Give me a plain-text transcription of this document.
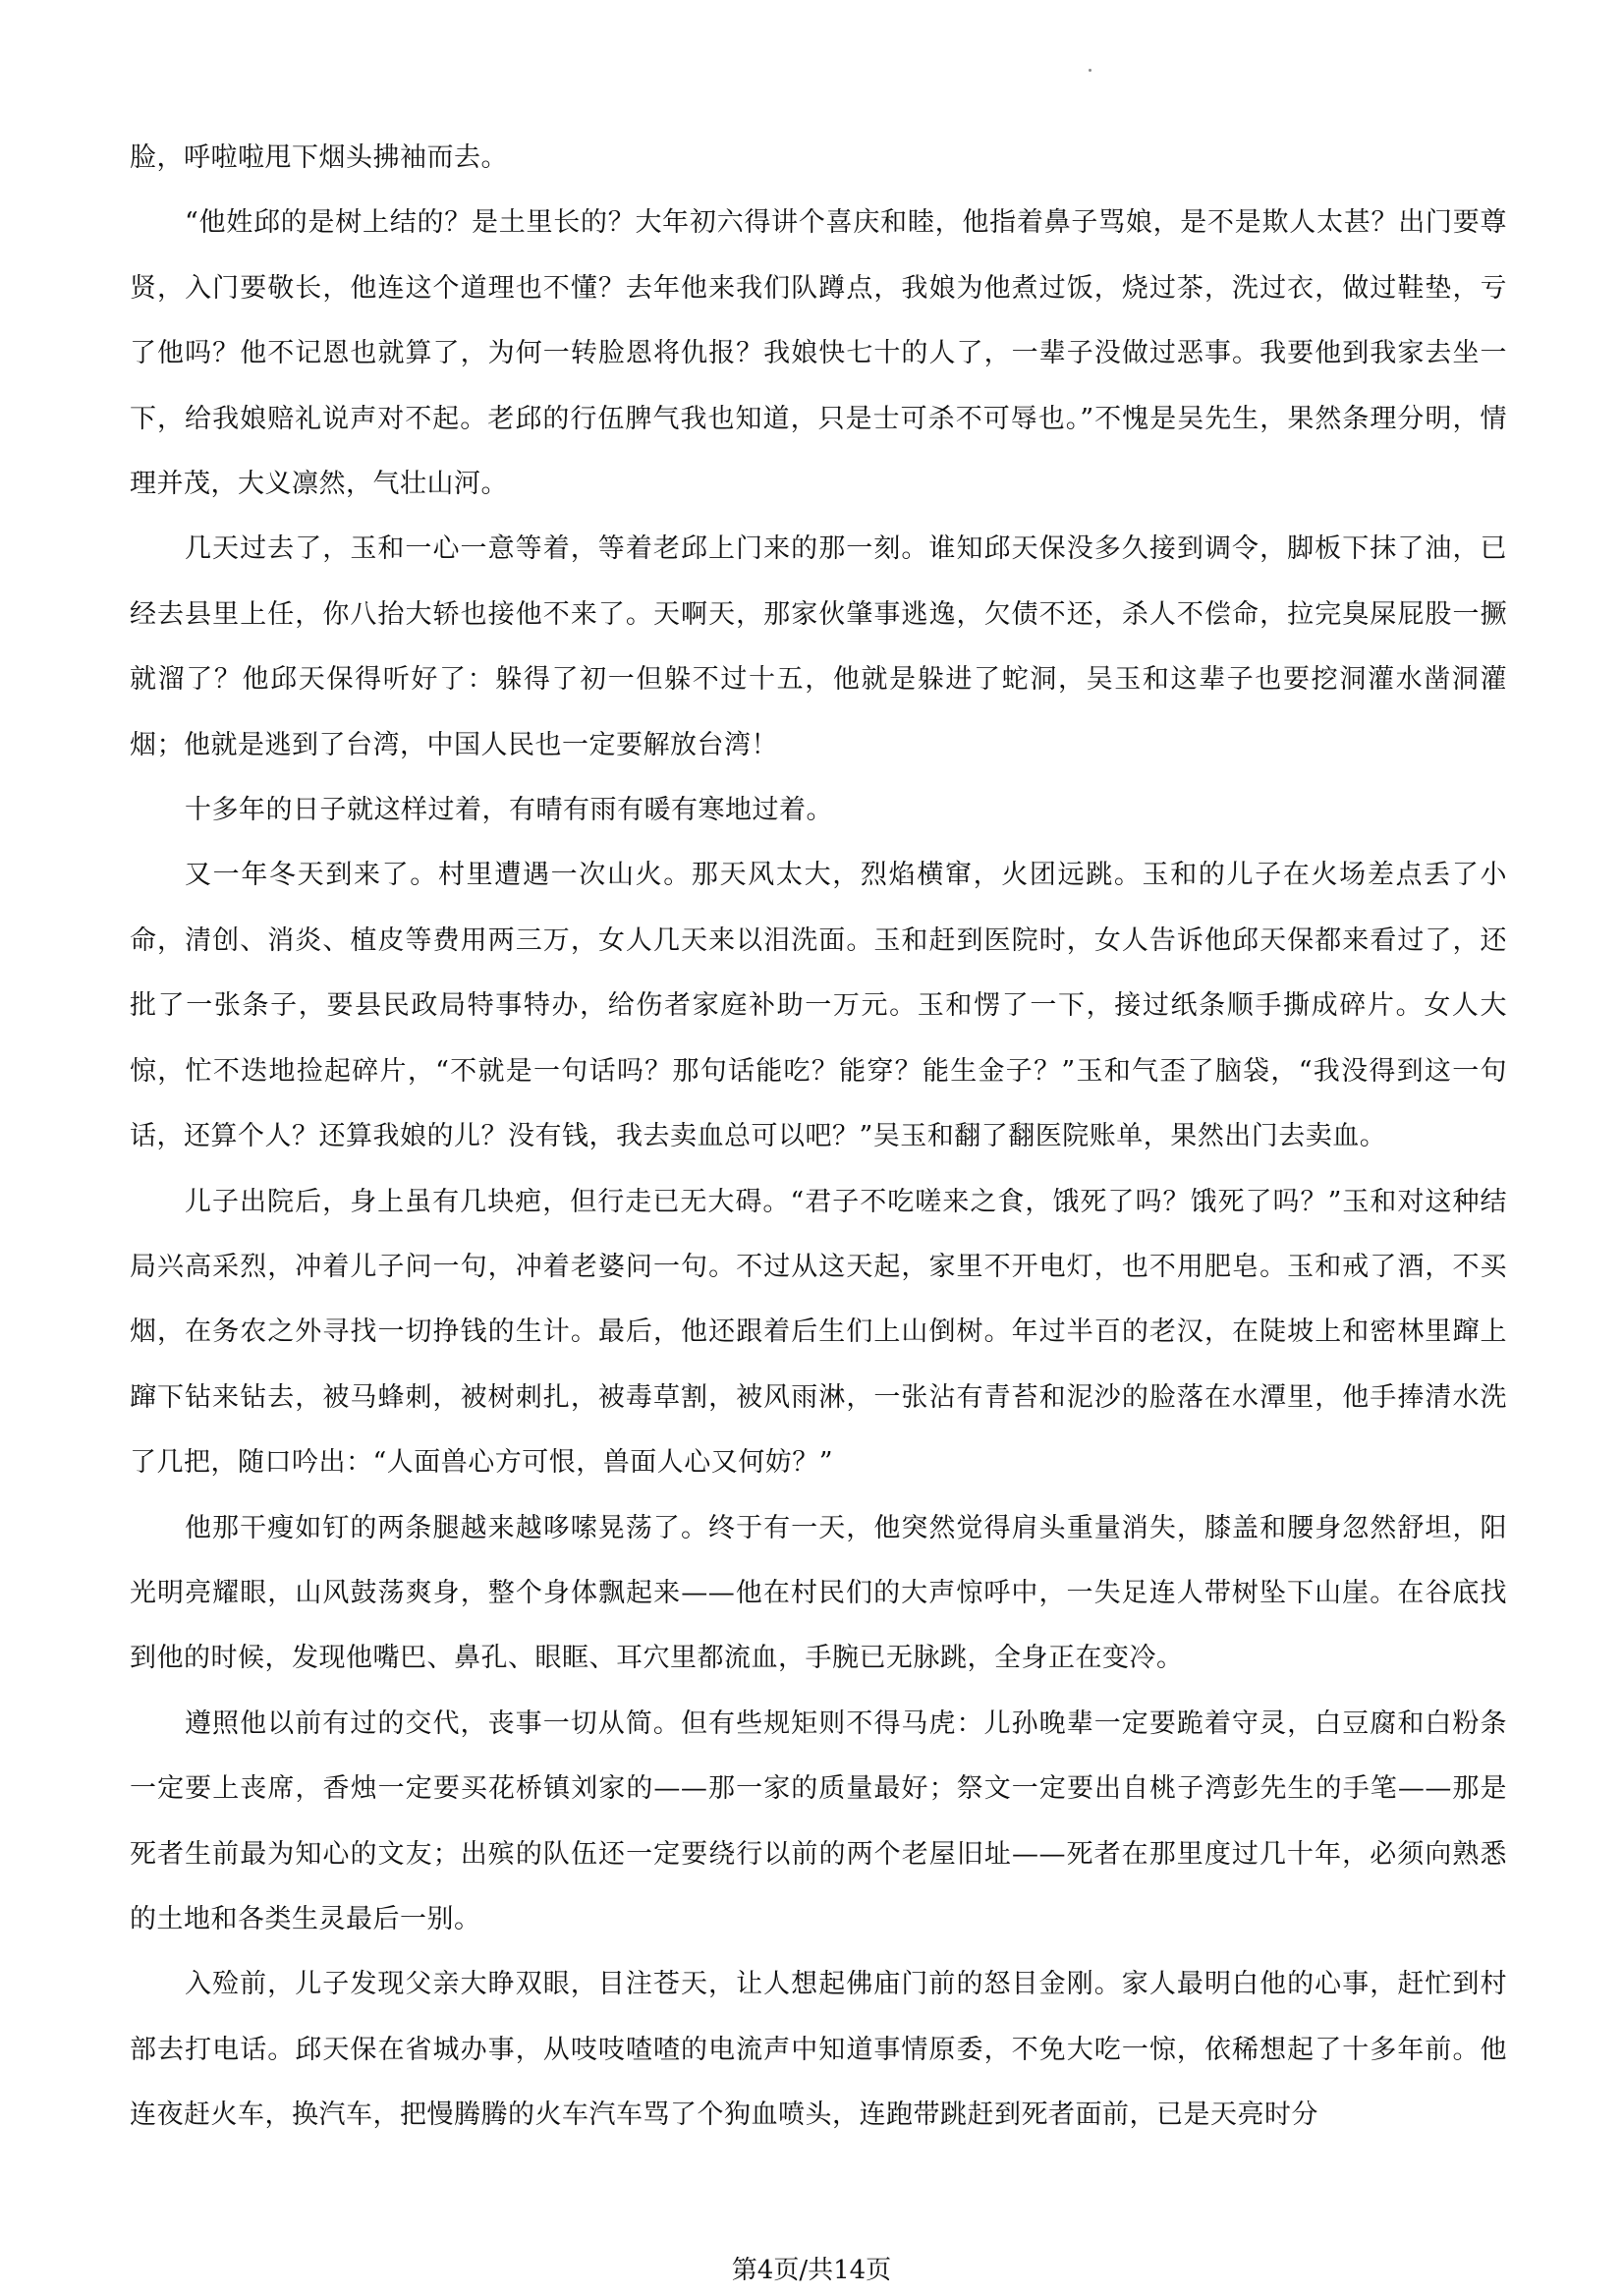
脸，呼啦啦甩下烟头拂袖而去。

“他姓邱的是树上结的？是土里长的？大年初六得讲个喜庆和睦，他指着鼻子骂娘，是不是欺人太甚？出门要尊贤，入门要敬长，他连这个道理也不懂？去年他来我们队蹲点，我娘为他煮过饭，烧过茶，洗过衣，做过鞋垫，亏了他吗？他不记恩也就算了，为何一转脸恩将仇报？我娘快七十的人了，一辈子没做过恶事。我要他到我家去坐一下，给我娘赔礼说声对不起。老邱的行伍脾气我也知道，只是士可杀不可辱也。”不愧是吴先生，果然条理分明，情理并茂，大义凛然，气壮山河。

几天过去了，玉和一心一意等着，等着老邱上门来的那一刻。谁知邱天保没多久接到调令，脚板下抹了油，已经去县里上任，你八抬大轿也接他不来了。天啊天，那家伙肇事逃逸，欠债不还，杀人不偿命，拉完臭屎屁股一撅就溜了？他邱天保得听好了：躲得了初一但躲不过十五，他就是躲进了蛇洞，吴玉和这辈子也要挖洞灌水凿洞灌烟；他就是逃到了台湾，中国人民也一定要解放台湾！

十多年的日子就这样过着，有晴有雨有暖有寒地过着。

又一年冬天到来了。村里遭遇一次山火。那天风太大，烈焰横窜，火团远跳。玉和的儿子在火场差点丢了小命，清创、消炎、植皮等费用两三万，女人几天来以泪洗面。玉和赶到医院时，女人告诉他邱天保都来看过了，还批了一张条子，要县民政局特事特办，给伤者家庭补助一万元。玉和愣了一下，接过纸条顺手撕成碎片。女人大惊，忙不迭地捡起碎片，“不就是一句话吗？那句话能吃？能穿？能生金子？”玉和气歪了脑袋，“我没得到这一句话，还算个人？还算我娘的儿？没有钱，我去卖血总可以吧？”吴玉和翻了翻医院账单，果然出门去卖血。

儿子出院后，身上虽有几块疤，但行走已无大碍。“君子不吃嗟来之食，饿死了吗？饿死了吗？”玉和对这种结局兴高采烈，冲着儿子问一句，冲着老婆问一句。不过从这天起，家里不开电灯，也不用肥皂。玉和戒了酒，不买烟，在务农之外寻找一切挣钱的生计。最后，他还跟着后生们上山倒树。年过半百的老汉，在陡坡上和密林里蹿上蹿下钻来钻去，被马蜂刺，被树刺扎，被毒草割，被风雨淋，一张沾有青苔和泥沙的脸落在水潭里，他手捧清水洗了几把，随口吟出：“人面兽心方可恨，兽面人心又何妨？”

他那干瘦如钉的两条腿越来越哆嗦晃荡了。终于有一天，他突然觉得肩头重量消失，膝盖和腰身忽然舒坦，阳光明亮耀眼，山风鼓荡爽身，整个身体飘起来——他在村民们的大声惊呼中，一失足连人带树坠下山崖。在谷底找到他的时候，发现他嘴巴、鼻孔、眼眶、耳穴里都流血，手腕已无脉跳，全身正在变冷。

遵照他以前有过的交代，丧事一切从简。但有些规矩则不得马虎：儿孙晚辈一定要跪着守灵，白豆腐和白粉条一定要上丧席，香烛一定要买花桥镇刘家的——那一家的质量最好；祭文一定要出自桃子湾彭先生的手笔——那是死者生前最为知心的文友；出殡的队伍还一定要绕行以前的两个老屋旧址——死者在那里度过几十年，必须向熟悉的土地和各类生灵最后一别。

入殓前，儿子发现父亲大睁双眼，目注苍天，让人想起佛庙门前的怒目金刚。家人最明白他的心事，赶忙到村部去打电话。邱天保在省城办事，从吱吱喳喳的电流声中知道事情原委，不免大吃一惊，依稀想起了十多年前。他连夜赶火车，换汽车，把慢腾腾的火车汽车骂了个狗血喷头，连跑带跳赶到死者面前，已是天亮时分

第4页/共14页
